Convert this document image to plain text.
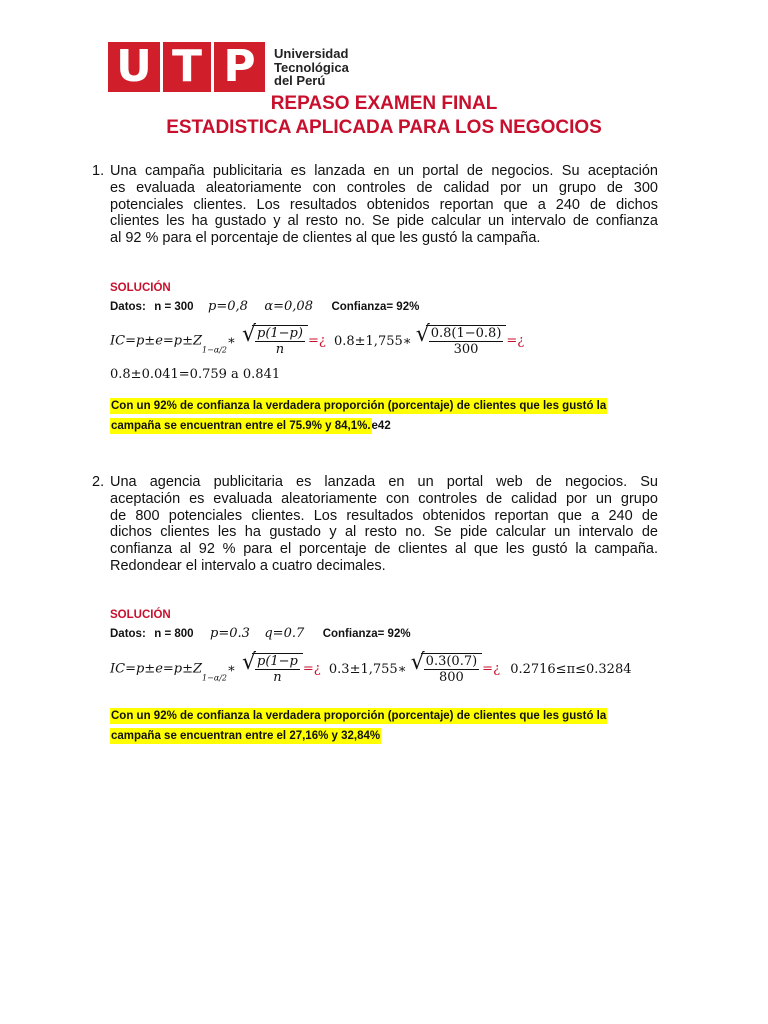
U T P	Universidad
Tecnológica
del Perú
REPASO EXAMEN FINAL
ESTADISTICA APLICADA PARA LOS NEGOCIOS
1. Una campaña publicitaria es lanzada en un portal de negocios. Su aceptación
es evaluada aleatoriamente con controles de calidad por un grupo de 300
potenciales clientes. Los resultados obtenidos reportan que a 240 de dichos
clientes les ha gustado y al resto no. Se pide calcular un intervalo de confianza
al 92 % para el porcentaje de clientes al que les gustó la campaña.
SOLUCIÓN
Datos: n = 300 p=0,8 α=0,08 Confianza= 92%
$IC=p\pm e=p\pm Z_{1-\alpha/2}∗$ √ $\frac{p(1-p)}{n}$ =¿ 0.8±1,755∗ √ $\frac{0.8(1-0.8)}{300}$ =¿
0.8±0.041=0.759 a 0.841
Con un 92% de confianza la verdadera proporción (porcentaje) de clientes que les gustó la
campaña se encuentran entre el 75.9% y 84,1%.e42
2. Una agencia publicitaria es lanzada en un portal web de negocios. Su
aceptación es evaluada aleatoriamente con controles de calidad por un grupo
de 800 potenciales clientes. Los resultados obtenidos reportan que a 240 de
dichos clientes les ha gustado y al resto no. Se pide calcular un intervalo de
confianza al 92 % para el porcentaje de clientes al que les gustó la campaña.
Redondear el intervalo a cuatro decimales.
SOLUCIÓN
Datos: n = 800 p=0.3 q=0.7 Confianza= 92%
$IC=p\pm e=p\pm Z_{1-\alpha/2}∗$ √ $\frac{p(1-p}{n}$ =¿ 0.3±1,755∗ √ $\frac{0.3(0.7)}{800}$ =¿ 0.2716≤π≤0.3284
Con un 92% de confianza la verdadera proporción (porcentaje) de clientes que les gustó la
campaña se encuentran entre el 27,16% y 32,84%
